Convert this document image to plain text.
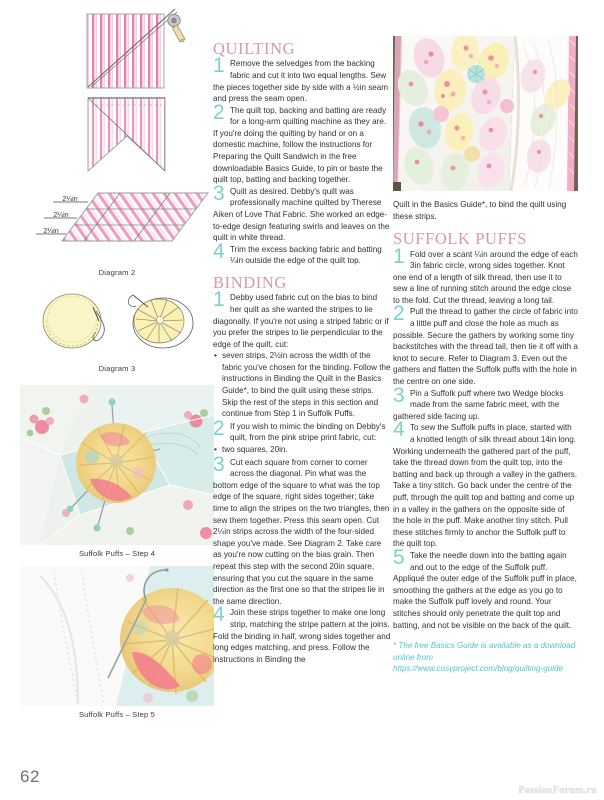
2¼in
2¼in
2¼in
Diagram 2
Diagram 3
Suffolk Puffs – Step 4
Suffolk Puffs – Step 5
QUILTING
1 Remove the selvedges from the backing fabric and cut it into two equal lengths. Sew the pieces together side by side with a ½in seam and press the seam open.
2 The quilt top, backing and batting are ready for a long-arm quilting machine as they are. If you're doing the quilting by hand or on a domestic machine, follow the instructions for Preparing the Quilt Sandwich in the free downloadable Basics Guide, to pin or baste the quilt top, batting and backing together.
3 Quilt as desired. Debby's quilt was professionally machine quilted by Therese Aiken of Love That Fabric. She worked an edge-to-edge design featuring swirls and leaves on the quilt in white thread.
4 Trim the excess backing fabric and batting ¼in outside the edge of the quilt top.
BINDING
1 Debby used fabric cut on the bias to bind her quilt as she wanted the stripes to lie diagonally. If you're not using a striped fabric or if you prefer the stripes to lie perpendicular to the edge of the quilt, cut:
• seven strips, 2½in across the width of the fabric you've chosen for the binding. Follow the instructions in Binding the Quilt in the Basics Guide*, to bind the quilt using these strips. Skip the rest of the steps in this section and continue from Step 1 in Suffolk Puffs.
2 If you wish to mimic the binding on Debby's quilt, from the pink stripe print fabric, cut:
• two squares, 20in.
3 Cut each square from corner to corner across the diagonal. Pin what was the bottom edge of the square to what was the top edge of the square, right sides together; take time to align the stripes on the two triangles, then sew them together. Press this seam open. Cut 2¼in strips across the width of the four-sided shape you've made. See Diagram 2. Take care as you're now cutting on the bias grain. Then repeat this step with the second 20in square, ensuring that you cut the square in the same direction as the first one so that the stripes lie in the same direction.
4 Join these strips together to make one long strip, matching the stripe pattern at the joins. Fold the binding in half, wrong sides together and long edges matching, and press. Follow the instructions in Binding the
Quilt in the Basics Guide*, to bind the quilt using these strips.
SUFFOLK PUFFS
1 Fold over a scant ¼in around the edge of each 3in fabric circle, wrong sides together. Knot one end of a length of silk thread, then use it to sew a line of running stitch around the edge close to the fold. Cut the thread, leaving a long tail.
2 Pull the thread to gather the circle of fabric into a little puff and close the hole as much as possible. Secure the gathers by working some tiny backstitches with the thread tail, then tie it off with a knot to secure. Refer to Diagram 3. Even out the gathers and flatten the Suffolk puffs with the hole in the centre on one side.
3 Pin a Suffolk puff where two Wedge blocks made from the same fabric meet, with the gathered side facing up.
4 To sew the Suffolk puffs in place, started with a knotted length of silk thread about 14in long. Working underneath the gathered part of the puff, take the thread down from the quilt top, into the batting and back up through a valley in the gathers. Take a tiny stitch. Go back under the centre of the puff, through the quilt top and batting and come up in a valley in the gathers on the opposite side of the hole in the puff. Make another tiny stitch. Pull these stitches firmly to anchor the Suffolk puff to the quilt top.
5 Take the needle down into the batting again and out to the edge of the Suffolk puff. Appliqué the outer edge of the Suffolk puff in place, smoothing the gathers at the edge as you go to make the Suffolk puff lovely and round. Your stitches should only penetrate the quilt top and batting, and not be visible on the back of the quilt.
* The free Basics Guide is available as a download online from https://www.cosyproject.com/blog/quilting-guide
62
PassionForum.ru
